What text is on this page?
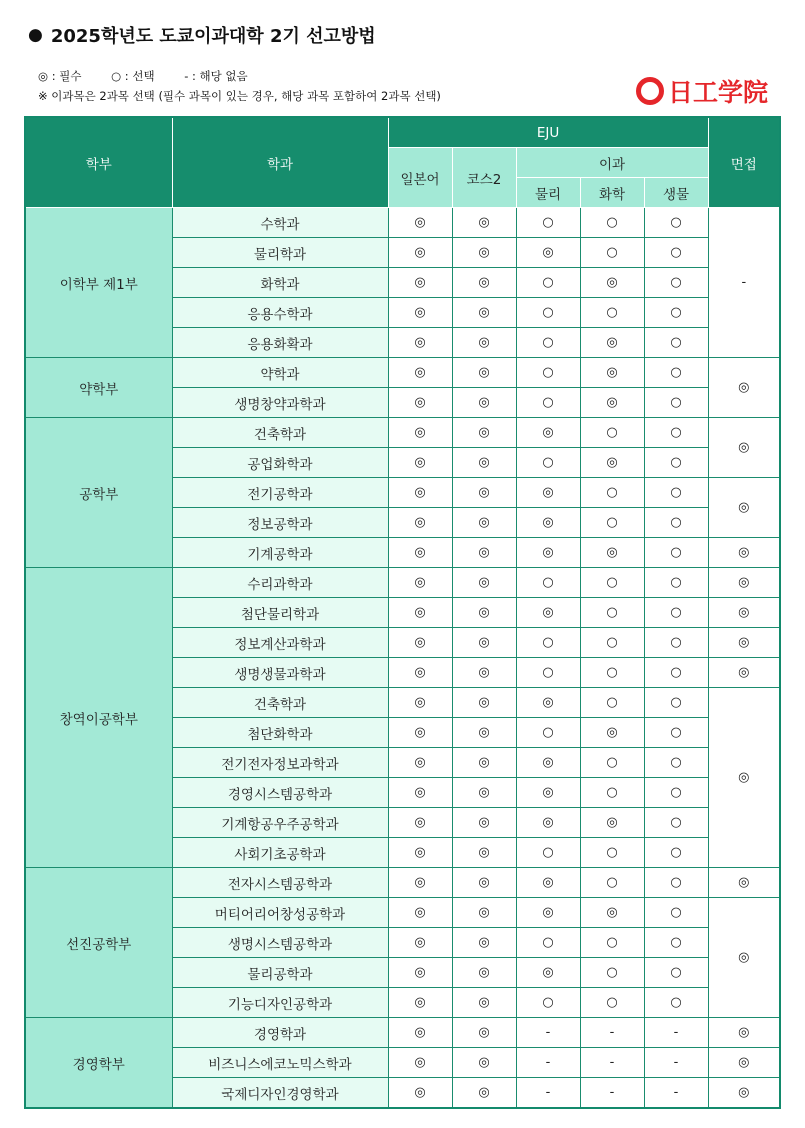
● 2025학년도 도쿄이과대학 2기 선고방법
◎ : 필수	○ : 선택	- : 해당 없음
※ 이과목은 2과목 선택 (필수 과목이 있는 경우, 해당 과목 포함하여 2과목 선택)	日工学院
학부	학과	EJU					면접
		일본어	코스2	이과			
				물리	화학	생물	
이학부 제1부	수학과	◎	◎	○	○	○	-
	물리학과	◎	◎	◎	○	○	
	화학과	◎	◎	○	◎	○	
	응용수학과	◎	◎	○	○	○	
	응용화확과	◎	◎	○	◎	○	
약학부	약학과	◎	◎	○	◎	○	◎
	생명창약과학과	◎	◎	○	◎	○	
공학부	건축학과	◎	◎	◎	○	○	◎
	공업화학과	◎	◎	○	◎	○	
	전기공학과	◎	◎	◎	○	○	◎
	정보공학과	◎	◎	◎	○	○	
	기계공학과	◎	◎	◎	◎	○	◎
창역이공학부	수리과학과	◎	◎	○	○	○	◎
	첨단물리학과	◎	◎	◎	○	○	◎
	정보계산과학과	◎	◎	○	○	○	◎
	생명생물과학과	◎	◎	○	○	○	◎
	건축학과	◎	◎	◎	○	○	◎
	첨단화학과	◎	◎	○	◎	○	
	전기전자정보과학과	◎	◎	◎	○	○	
	경영시스템공학과	◎	◎	◎	○	○	
	기계항공우주공학과	◎	◎	◎	◎	○	
	사회기초공학과	◎	◎	○	○	○	
선진공학부	전자시스템공학과	◎	◎	◎	○	○	◎
	머티어리어창성공학과	◎	◎	◎	◎	○	◎
	생명시스템공학과	◎	◎	○	○	○	
	물리공학과	◎	◎	◎	○	○	
	기능디자인공학과	◎	◎	○	○	○	
경영학부	경영학과	◎	◎	-	-	-	◎
	비즈니스에코노믹스학과	◎	◎	-	-	-	◎
	국제디자인경영학과	◎	◎	-	-	-	◎
